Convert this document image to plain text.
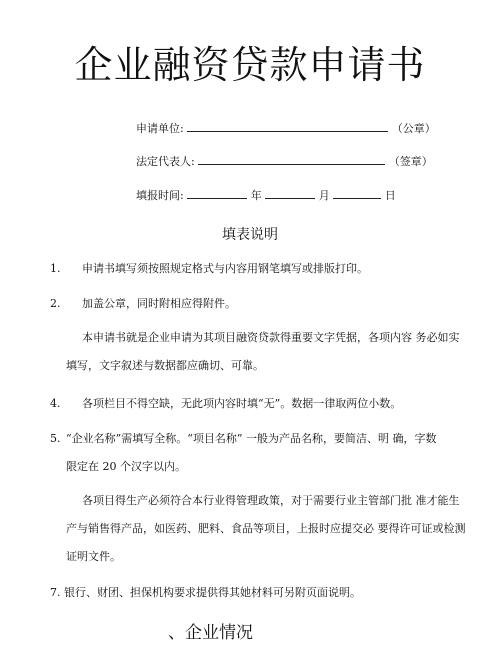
企业融资贷款申请书
申请单位:	（公章）
法定代表人:	（签章）
填报时间:	年	月	日
填表说明
1. 申请书填写须按照规定格式与内容用钢笔填写或排版打印。
2. 加盖公章，同时附相应得附件。
本申请书就是企业申请为其项目融资贷款得重要文字凭据，各项内容 务必如实
填写，文字叙述与数据都应确切、可靠。
4. 各项栏目不得空缺，无此项内容时填“无”。数据一律取两位小数。
5. “企业名称”需填写全称。“项目名称” 一般为产品名称，要简洁、明 确，字数
限定在 20 个汉字以内。
各项目得生产必须符合本行业得管理政策，对于需要行业主管部门批 准才能生
产与销售得产品，如医药、肥料、食品等项目，上报时应提交必 要得许可证或检测
证明文件。
7. 银行、财团、担保机构要求提供得其她材料可另附页面说明。
、企业情况
